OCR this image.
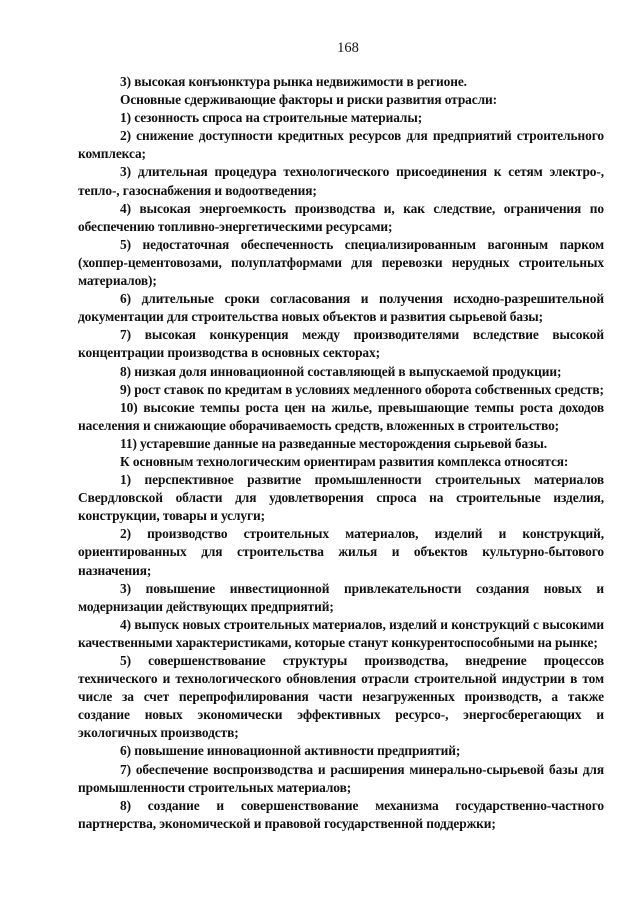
168

3) высокая конъюнктура рынка недвижимости в регионе.

Основные сдерживающие факторы и риски развития отрасли:

1) сезонность спроса на строительные материалы;

2) снижение доступности кредитных ресурсов для предприятий строительного комплекса;

3) длительная процедура технологического присоединения к сетям электро-, тепло-, газоснабжения и водоотведения;

4) высокая энергоемкость производства и, как следствие, ограничения по обеспечению топливно-энергетическими ресурсами;

5) недостаточная обеспеченность специализированным вагонным парком (хоппер-цементовозами, полуплатформами для перевозки нерудных строительных материалов);

6) длительные сроки согласования и получения исходно-разрешительной документации для строительства новых объектов и развития сырьевой базы;

7) высокая конкуренция между производителями вследствие высокой концентрации производства в основных секторах;

8) низкая доля инновационной составляющей в выпускаемой продукции;

9) рост ставок по кредитам в условиях медленного оборота собственных средств;

10) высокие темпы роста цен на жилье, превышающие темпы роста доходов населения и снижающие оборачиваемость средств, вложенных в строительство;

11) устаревшие данные на разведанные месторождения сырьевой базы.

К основным технологическим ориентирам развития комплекса относятся:

1) перспективное развитие промышленности строительных материалов Свердловской области для удовлетворения спроса на строительные изделия, конструкции, товары и услуги;

2) производство строительных материалов, изделий и конструкций, ориентированных для строительства жилья и объектов культурно-бытового назначения;

3) повышение инвестиционной привлекательности создания новых и модернизации действующих предприятий;

4) выпуск новых строительных материалов, изделий и конструкций с высокими качественными характеристиками, которые станут конкурентоспособными на рынке;

5) совершенствование структуры производства, внедрение процессов технического и технологического обновления отрасли строительной индустрии в том числе за счет перепрофилирования части незагруженных производств, а также создание новых экономически эффективных ресурсо-, энергосберегающих и экологичных производств;

6) повышение инновационной активности предприятий;

7) обеспечение воспроизводства и расширения минерально-сырьевой базы для промышленности строительных материалов;

8) создание и совершенствование механизма государственно-частного партнерства, экономической и правовой государственной поддержки;
